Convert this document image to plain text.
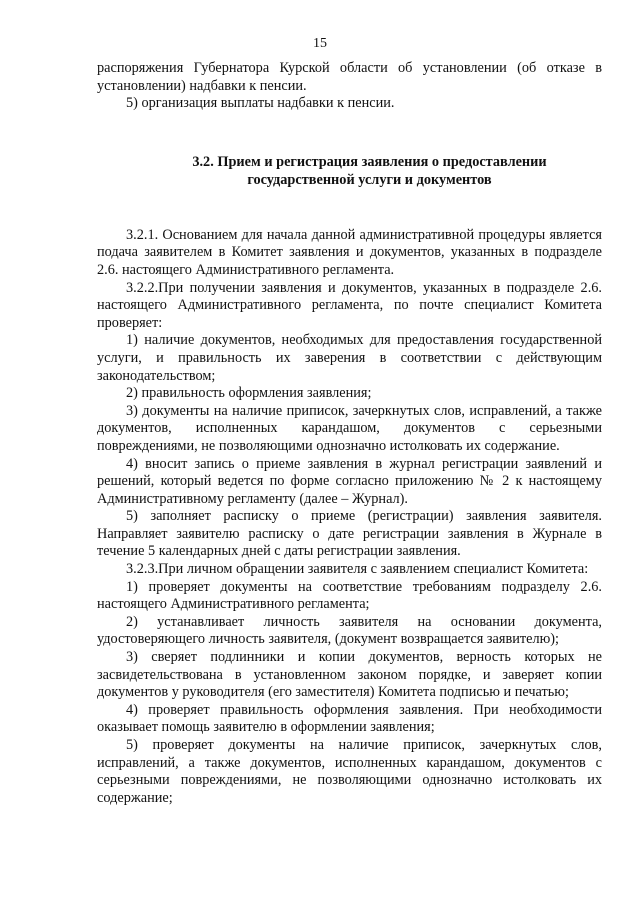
15

распоряжения Губернатора Курской области об установлении (об отказе в установлении) надбавки к пенсии.

5) организация выплаты надбавки к пенсии.

3.2. Прием и регистрация заявления о предоставлении
государственной услуги и документов

3.2.1. Основанием для начала данной административной процедуры является подача заявителем в Комитет заявления и документов, указанных в подразделе 2.6. настоящего Административного регламента.

3.2.2.При получении заявления и документов, указанных в подразделе 2.6. настоящего Административного регламента, по почте специалист Комитета проверяет:

1) наличие документов, необходимых для предоставления государственной услуги, и правильность их заверения в соответствии с действующим законодательством;

2) правильность оформления заявления;

3) документы на наличие приписок, зачеркнутых слов, исправлений, а также документов, исполненных карандашом, документов с серьезными повреждениями, не позволяющими однозначно истолковать их содержание.

4) вносит запись о приеме заявления в журнал регистрации заявлений и решений, который ведется по форме согласно приложению № 2 к настоящему Административному регламенту (далее – Журнал).

5) заполняет расписку о приеме (регистрации) заявления заявителя. Направляет заявителю расписку о дате регистрации заявления в Журнале в течение 5 календарных дней с даты регистрации заявления.

3.2.3.При личном обращении заявителя с заявлением специалист Комитета:

1) проверяет документы на соответствие требованиям подразделу 2.6. настоящего Административного регламента;

2) устанавливает личность заявителя на основании документа, удостоверяющего личность заявителя, (документ возвращается заявителю);

3) сверяет подлинники и копии документов, верность которых не засвидетельствована в установленном законом порядке, и заверяет копии документов у руководителя (его заместителя) Комитета подписью и печатью;

4) проверяет правильность оформления заявления. При необходимости оказывает помощь заявителю в оформлении заявления;

5) проверяет документы на наличие приписок, зачеркнутых слов, исправлений, а также документов, исполненных карандашом, документов с серьезными повреждениями, не позволяющими однозначно истолковать их содержание;
